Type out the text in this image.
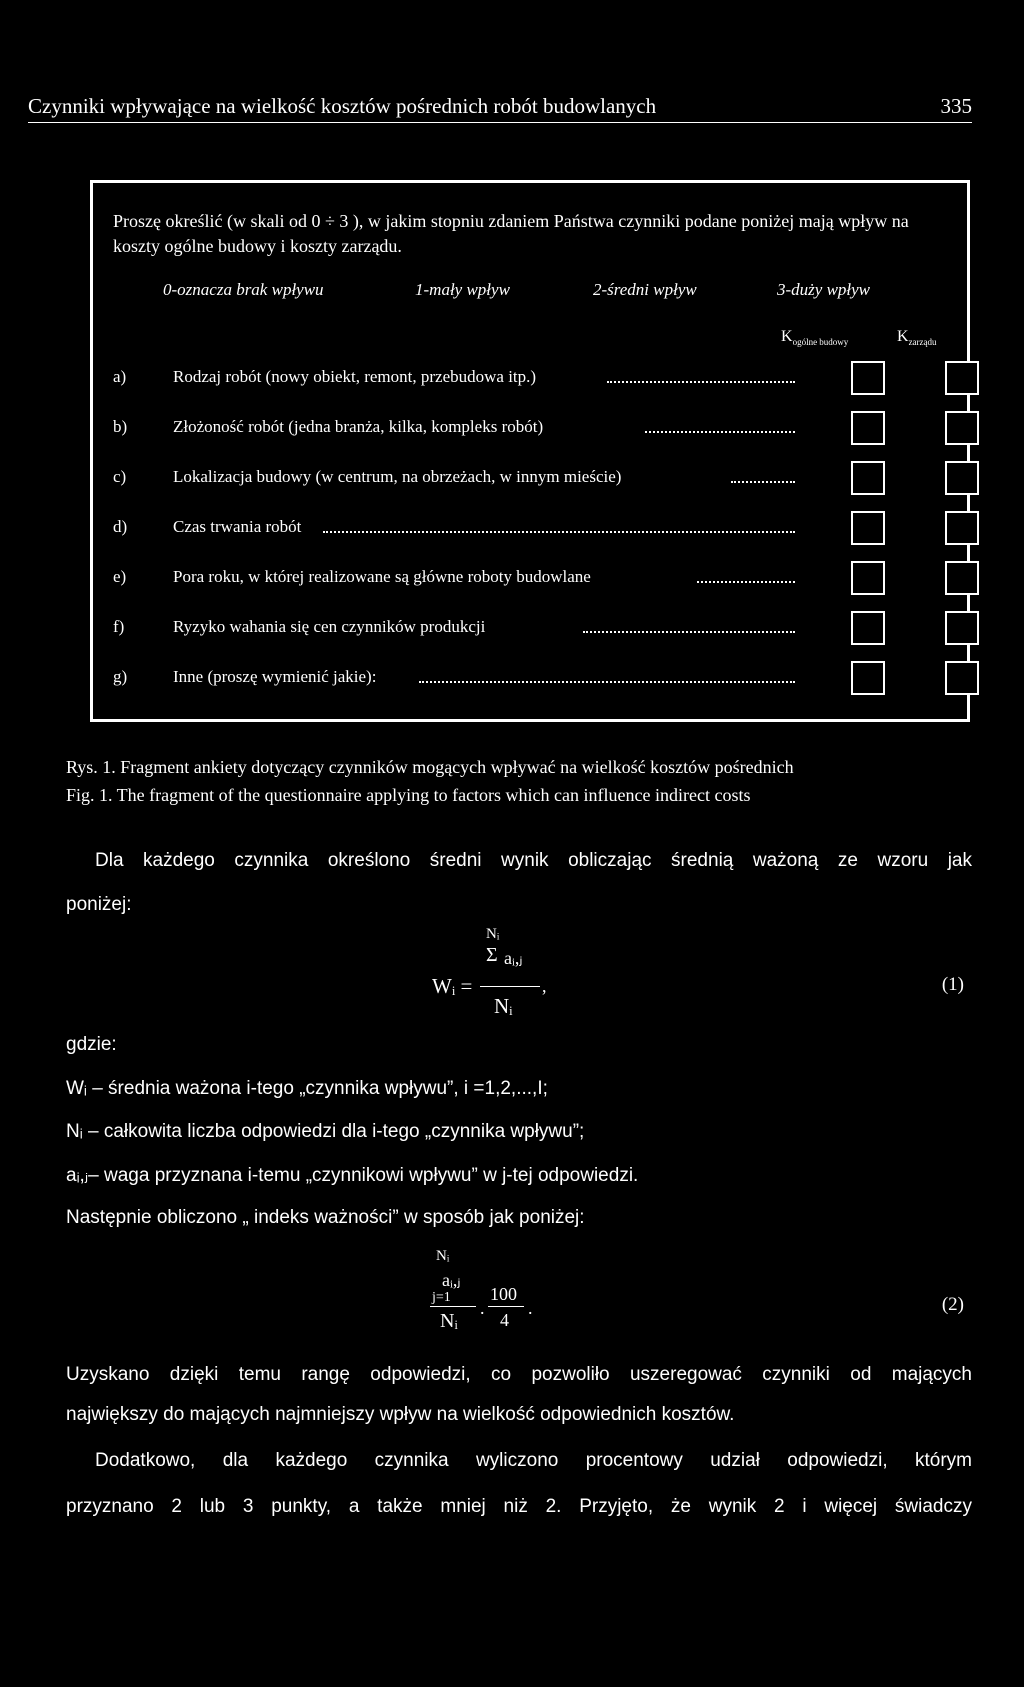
Czynniki wpływające na wielkość kosztów pośrednich robót budowlanych	335
Proszę określić (w skali od 0 ÷ 3 ), w jakim stopniu zdaniem Państwa czynniki podane poniżej mają wpływ na koszty ogólne budowy i koszty zarządu.
0-oznacza brak wpływu	1-mały wpływ	2-średni wpływ	3-duży wpływ
$K_{ogólne budowy}$	$K_{zarządu}$
a)	Rodzaj robót (nowy obiekt, remont, przebudowa itp.)
b)	Złożoność robót (jedna branża, kilka, kompleks robót)
c)	Lokalizacja budowy (w centrum, na obrzeżach, w innym mieście)
d)	Czas trwania robót
e)	Pora roku, w której realizowane są główne roboty budowlane
f)	Ryzyko wahania się cen czynników produkcji
g)	Inne (proszę wymienić jakie):
Rys. 1. Fragment ankiety dotyczący czynników mogących wpływać na wielkość kosztów pośrednich
Fig. 1. The fragment of the questionnaire applying to factors which can influence indirect costs
Dla każdego czynnika określono średni wynik obliczając średnią ważoną ze wzoru jak
poniżej:
Nᵢ
Σ aᵢ,ⱼ
Wᵢ =	,
Nᵢ
(1)
gdzie:
Wᵢ – średnia ważona i-tego „czynnika wpływu”, i =1,2,...,I;
Nᵢ – całkowita liczba odpowiedzi dla i-tego „czynnika wpływu”;
aᵢ,ⱼ– waga przyznana i-temu „czynnikowi wpływu” w j-tej odpowiedzi.
Następnie obliczono „ indeks ważności” w sposób jak poniżej:
Nᵢ
aᵢ,ⱼ
j=1
Nᵢ
.
100
4
.	(2)
Uzyskano dzięki temu rangę odpowiedzi, co pozwoliło uszeregować czynniki od mających
największy do mających najmniejszy wpływ na wielkość odpowiednich kosztów.
Dodatkowo, dla każdego czynnika wyliczono procentowy udział odpowiedzi, którym
przyznano 2 lub 3 punkty, a także mniej niż 2. Przyjęto, że wynik 2 i więcej świadczy
